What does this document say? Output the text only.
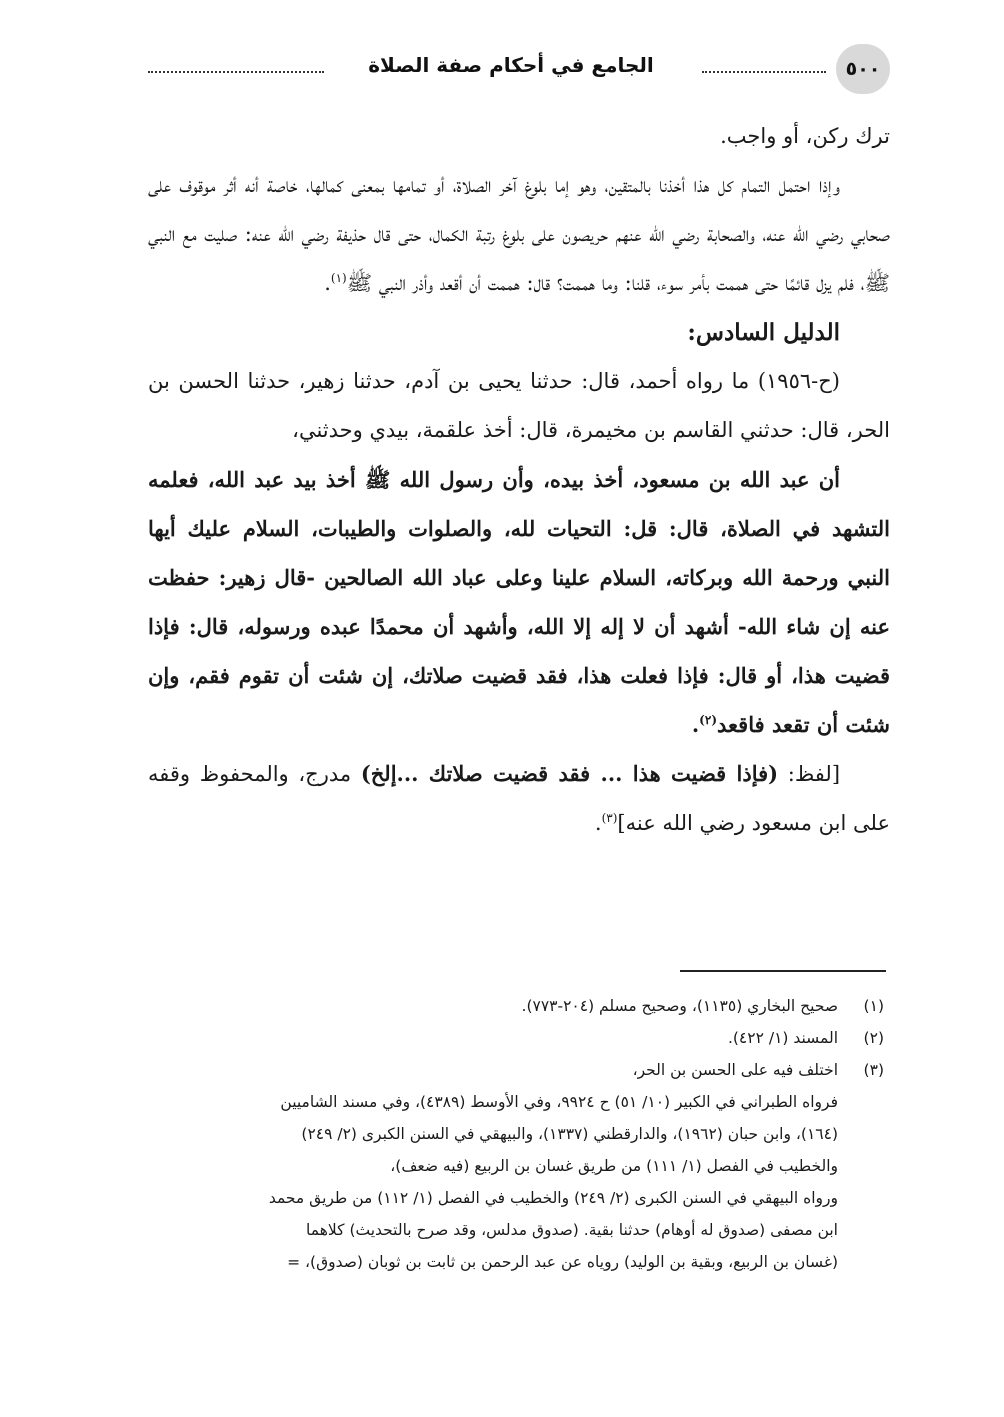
٥٠٠
الجامع في أحكام صفة الصلاة

ترك ركن، أو واجب.

وإذا احتمل التمام كل هذا أخذنا بالمتقين، وهو إما بلوغ آخر الصلاة، أو تمامها بمعنى كمالها، خاصة أنه أثر موقوف على صحابي رضي الله عنه، والصحابة رضي الله عنهم حريصون على بلوغ رتبة الكمال، حتى قال حذيفة رضي الله عنه: صليت مع النبي ﷺ، فلم يزل قائمًا حتى هممت بأمر سوء، قلنا: وما هممت؟ قال: هممت أن أقعد وأذر النبي ﷺ$^{(١)}$.

الدليل السادس:

(ح-١٩٥٦) ما رواه أحمد، قال: حدثنا يحيى بن آدم، حدثنا زهير، حدثنا الحسن بن الحر، قال: حدثني القاسم بن مخيمرة، قال: أخذ علقمة، بيدي وحدثني،

أن عبد الله بن مسعود، أخذ بيده، وأن رسول الله ﷺ أخذ بيد عبد الله، فعلمه التشهد في الصلاة، قال: قل: التحيات لله، والصلوات والطيبات، السلام عليك أيها النبي ورحمة الله وبركاته، السلام علينا وعلى عباد الله الصالحين -قال زهير: حفظت عنه إن شاء الله- أشهد أن لا إله إلا الله، وأشهد أن محمدًا عبده ورسوله، قال: فإذا قضيت هذا، أو قال: فإذا فعلت هذا، فقد قضيت صلاتك، إن شئت أن تقوم فقم، وإن شئت أن تقعد فاقعد$^{(٢)}$.

[لفظ: (فإذا قضيت هذا ... فقد قضيت صلاتك ...إلخ) مدرج، والمحفوظ وقفه على ابن مسعود رضي الله عنه]$^{(٣)}$.

(١)
صحيح البخاري (١١٣٥)، وصحيح مسلم (٢٠٤-٧٧٣).
(٢)
المسند (١/ ٤٢٢).
(٣)
اختلف فيه على الحسن بن الحر،
فرواه الطبراني في الكبير (١٠/ ٥١) ح ٩٩٢٤، وفي الأوسط (٤٣٨٩)، وفي مسند الشاميين
(١٦٤)، وابن حبان (١٩٦٢)، والدارقطني (١٣٣٧)، والبيهقي في السنن الكبرى (٢/ ٢٤٩)
والخطيب في الفصل (١/ ١١١) من طريق غسان بن الربيع (فيه ضعف)،
ورواه البيهقي في السنن الكبرى (٢/ ٢٤٩) والخطيب في الفصل (١/ ١١٢) من طريق محمد
ابن مصفى (صدوق له أوهام) حدثنا بقية. (صدوق مدلس، وقد صرح بالتحديث) كلاهما
(غسان بن الربيع، وبقية بن الوليد) روياه عن عبد الرحمن بن ثابت بن ثوبان (صدوق)، =
